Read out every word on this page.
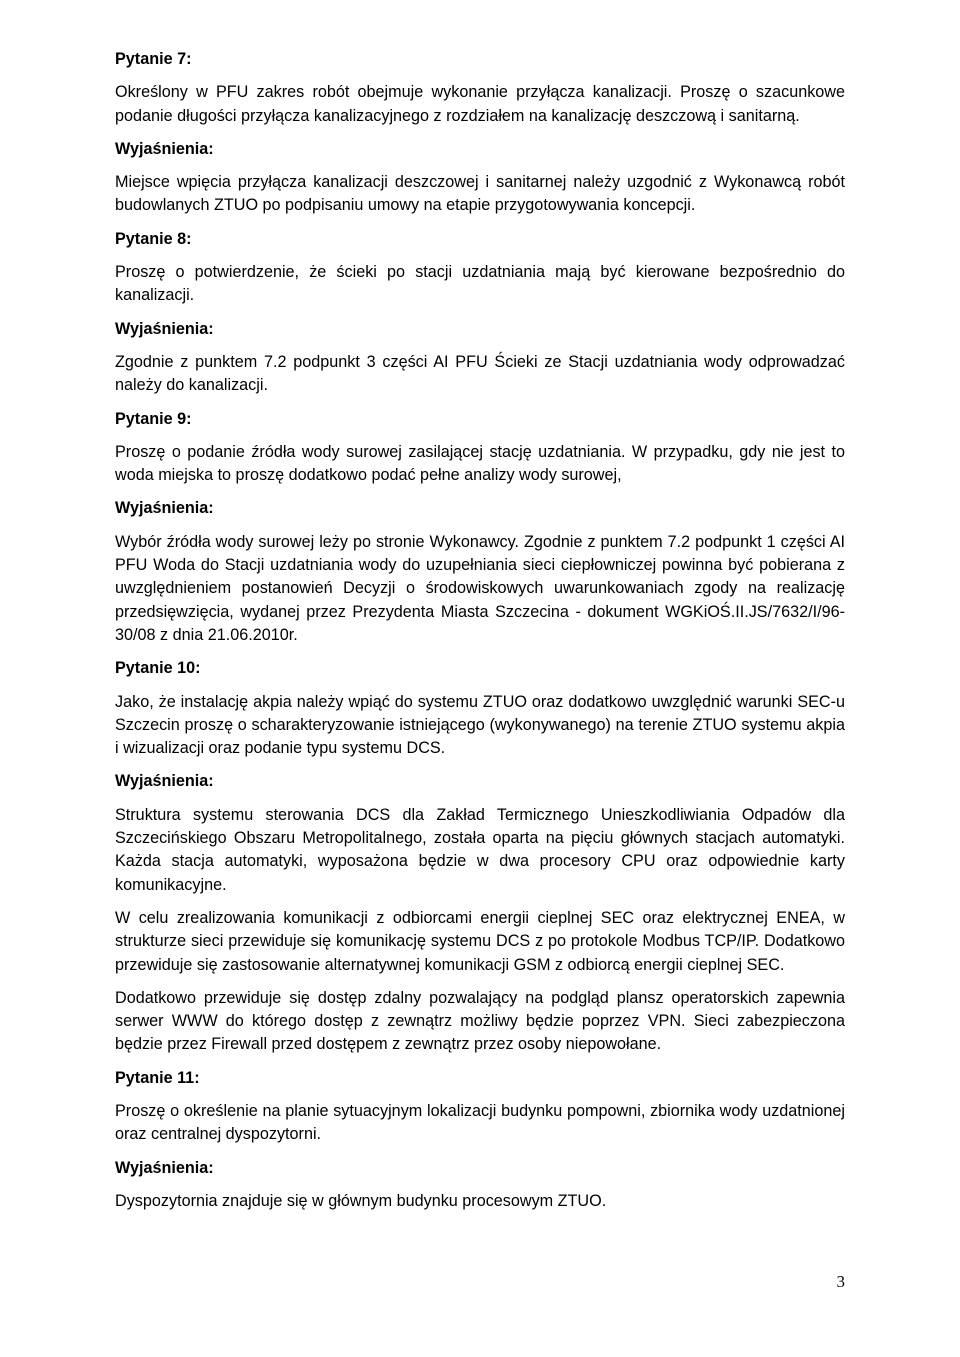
Pytanie 7:

Określony w PFU zakres robót obejmuje wykonanie przyłącza kanalizacji. Proszę o szacunkowe podanie długości przyłącza kanalizacyjnego z rozdziałem na kanalizację deszczową i sanitarną.

Wyjaśnienia:

Miejsce wpięcia przyłącza kanalizacji deszczowej i sanitarnej należy uzgodnić z Wykonawcą robót budowlanych ZTUO po podpisaniu umowy na etapie przygotowywania koncepcji.

Pytanie 8:

Proszę o potwierdzenie, że ścieki po stacji uzdatniania mają być kierowane bezpośrednio do kanalizacji.

Wyjaśnienia:

Zgodnie z punktem 7.2 podpunkt 3 części AI PFU Ścieki ze Stacji uzdatniania wody odprowadzać należy do kanalizacji.

Pytanie 9:

Proszę o podanie źródła wody surowej zasilającej stację uzdatniania. W przypadku, gdy nie jest to woda miejska to proszę dodatkowo podać pełne analizy wody surowej,

Wyjaśnienia:

Wybór źródła wody surowej leży po stronie Wykonawcy. Zgodnie z punktem 7.2 podpunkt 1 części AI PFU Woda do Stacji uzdatniania wody do uzupełniania sieci ciepłowniczej powinna być pobierana z uwzględnieniem postanowień Decyzji o środowiskowych uwarunkowaniach zgody na realizację przedsięwzięcia, wydanej przez Prezydenta Miasta Szczecina - dokument WGKiOŚ.II.JS/7632/I/96-30/08 z dnia 21.06.2010r.

Pytanie 10:

Jako, że instalację akpia należy wpiąć do systemu ZTUO oraz dodatkowo uwzględnić warunki SEC-u Szczecin proszę o scharakteryzowanie istniejącego (wykonywanego) na terenie ZTUO systemu akpia i wizualizacji oraz podanie typu systemu DCS.

Wyjaśnienia:

Struktura systemu sterowania DCS dla Zakład Termicznego Unieszkodliwiania Odpadów dla Szczecińskiego Obszaru Metropolitalnego, została oparta na pięciu głównych stacjach automatyki. Każda stacja automatyki, wyposażona będzie w dwa procesory CPU oraz odpowiednie karty komunikacyjne.

W celu zrealizowania komunikacji z odbiorcami energii cieplnej SEC oraz elektrycznej ENEA, w strukturze sieci przewiduje się komunikację systemu DCS z po protokole Modbus TCP/IP. Dodatkowo przewiduje się zastosowanie alternatywnej komunikacji GSM z odbiorcą energii cieplnej SEC.

Dodatkowo przewiduje się dostęp zdalny pozwalający na podgląd plansz operatorskich zapewnia serwer WWW do którego dostęp z zewnątrz możliwy będzie poprzez VPN. Sieci zabezpieczona będzie przez Firewall przed dostępem z zewnątrz przez osoby niepowołane.

Pytanie 11:

Proszę o określenie na planie sytuacyjnym lokalizacji budynku pompowni, zbiornika wody uzdatnionej oraz centralnej dyspozytorni.

Wyjaśnienia:

Dyspozytornia znajduje się w głównym budynku procesowym ZTUO.

3
